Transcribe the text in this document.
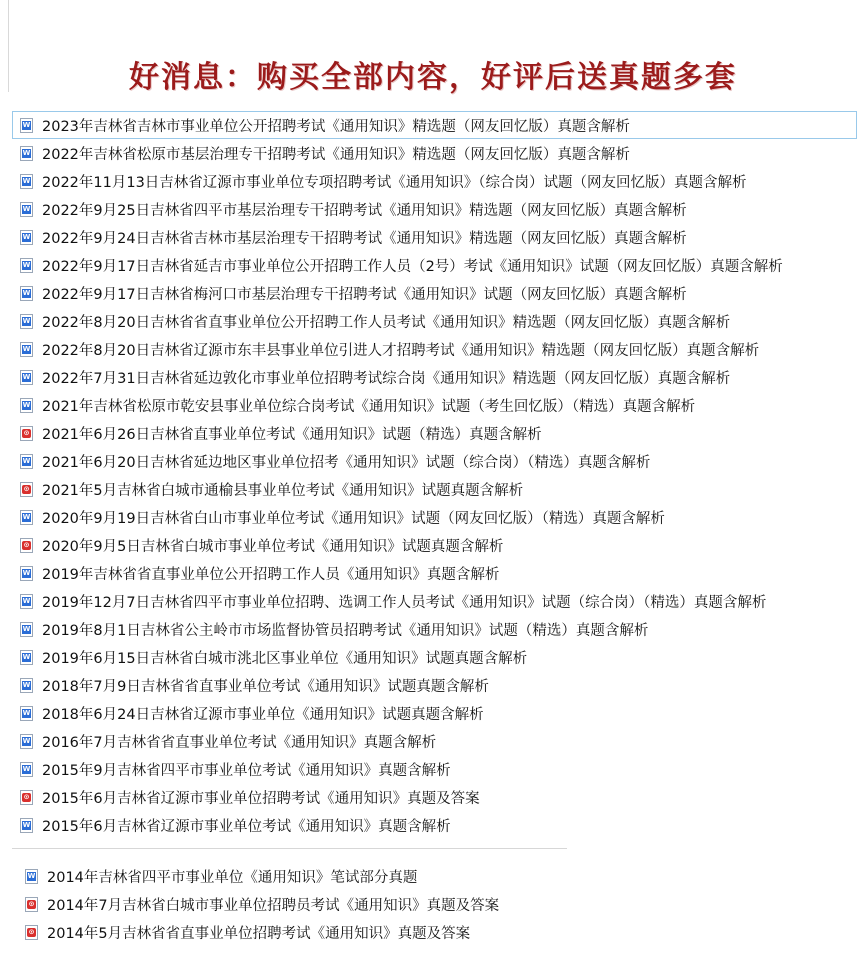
好消息：购买全部内容，好评后送真题多套
W
2023年吉林省吉林市事业单位公开招聘考试《通用知识》精选题（网友回忆版）真题含解析
W
2022年吉林省松原市基层治理专干招聘考试《通用知识》精选题（网友回忆版）真题含解析
W
2022年11月13日吉林省辽源市事业单位专项招聘考试《通用知识》（综合岗）试题（网友回忆版）真题含解析
W
2022年9月25日吉林省四平市基层治理专干招聘考试《通用知识》精选题（网友回忆版）真题含解析
W
2022年9月24日吉林省吉林市基层治理专干招聘考试《通用知识》精选题（网友回忆版）真题含解析
W
2022年9月17日吉林省延吉市事业单位公开招聘工作人员（2号）考试《通用知识》试题（网友回忆版）真题含解析
W
2022年9月17日吉林省梅河口市基层治理专干招聘考试《通用知识》试题（网友回忆版）真题含解析
W
2022年8月20日吉林省省直事业单位公开招聘工作人员考试《通用知识》精选题（网友回忆版）真题含解析
W
2022年8月20日吉林省辽源市东丰县事业单位引进人才招聘考试《通用知识》精选题（网友回忆版）真题含解析
W
2022年7月31日吉林省延边敦化市事业单位招聘考试综合岗《通用知识》精选题（网友回忆版）真题含解析
W
2021年吉林省松原市乾安县事业单位综合岗考试《通用知识》试题（考生回忆版）（精选）真题含解析
⊙
2021年6月26日吉林省直事业单位考试《通用知识》试题（精选）真题含解析
W
2021年6月20日吉林省延边地区事业单位招考《通用知识》试题（综合岗）（精选）真题含解析
⊙
2021年5月吉林省白城市通榆县事业单位考试《通用知识》试题真题含解析
W
2020年9月19日吉林省白山市事业单位考试《通用知识》试题（网友回忆版）（精选）真题含解析
⊙
2020年9月5日吉林省白城市事业单位考试《通用知识》试题真题含解析
W
2019年吉林省省直事业单位公开招聘工作人员《通用知识》真题含解析
W
2019年12月7日吉林省四平市事业单位招聘、选调工作人员考试《通用知识》试题（综合岗）（精选）真题含解析
W
2019年8月1日吉林省公主岭市市场监督协管员招聘考试《通用知识》试题（精选）真题含解析
W
2019年6月15日吉林省白城市洮北区事业单位《通用知识》试题真题含解析
W
2018年7月9日吉林省省直事业单位考试《通用知识》试题真题含解析
W
2018年6月24日吉林省辽源市事业单位《通用知识》试题真题含解析
W
2016年7月吉林省省直事业单位考试《通用知识》真题含解析
W
2015年9月吉林省四平市事业单位考试《通用知识》真题含解析
⊙
2015年6月吉林省辽源市事业单位招聘考试《通用知识》真题及答案
W
2015年6月吉林省辽源市事业单位考试《通用知识》真题含解析
W
2014年吉林省四平市事业单位《通用知识》笔试部分真题
⊙
2014年7月吉林省白城市事业单位招聘员考试《通用知识》真题及答案
⊙
2014年5月吉林省省直事业单位招聘考试《通用知识》真题及答案
